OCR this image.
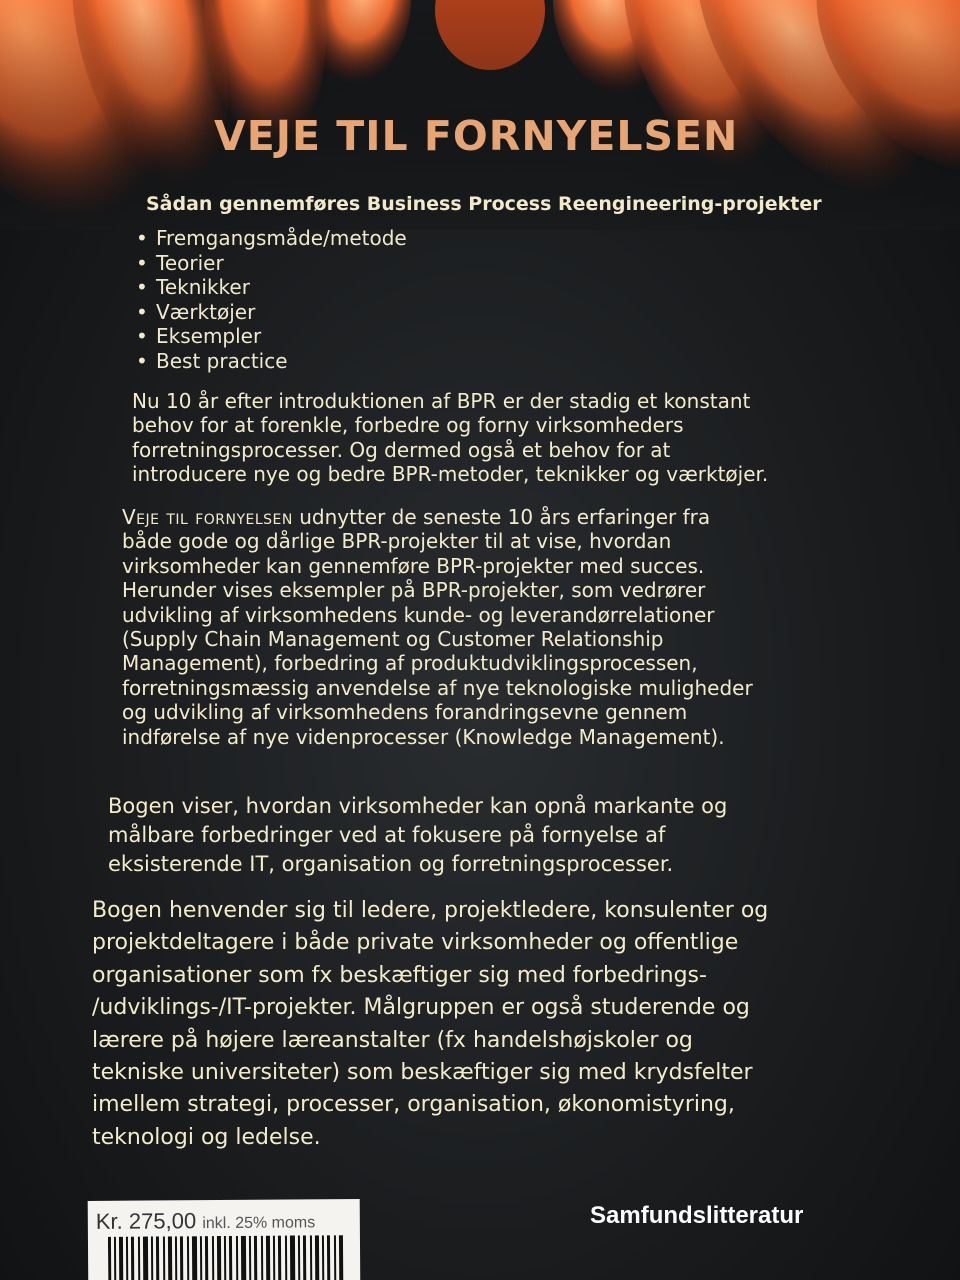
VEJE TIL FORNYELSEN

Sådan gennemføres Business Process Reengineering-projekter

• Fremgangsmåde/metode
• Teorier
• Teknikker
• Værktøjer
• Eksempler
• Best practice

Nu 10 år efter introduktionen af BPR er der stadig et konstant
behov for at forenkle, forbedre og forny virksomheders
forretningsprocesser. Og dermed også et behov for at
introducere nye og bedre BPR-metoder, teknikker og værktøjer.

Veje til fornyelsen udnytter de seneste 10 års erfaringer fra
både gode og dårlige BPR-projekter til at vise, hvordan
virksomheder kan gennemføre BPR-projekter med succes.
Herunder vises eksempler på BPR-projekter, som vedrører
udvikling af virksomhedens kunde- og leverandørrelationer
(Supply Chain Management og Customer Relationship
Management), forbedring af produktudviklingsprocessen,
forretningsmæssig anvendelse af nye teknologiske muligheder
og udvikling af virksomhedens forandringsevne gennem
indførelse af nye videnprocesser (Knowledge Management).

Bogen viser, hvordan virksomheder kan opnå markante og
målbare forbedringer ved at fokusere på fornyelse af
eksisterende IT, organisation og forretningsprocesser.

Bogen henvender sig til ledere, projektledere, konsulenter og
projektdeltagere i både private virksomheder og offentlige
organisationer som fx beskæftiger sig med forbedrings-
/udviklings-/IT-projekter. Målgruppen er også studerende og
lærere på højere læreanstalter (fx handelshøjskoler og
tekniske universiteter) som beskæftiger sig med krydsfelter
imellem strategi, processer, organisation, økonomistyring,
teknologi og ledelse.

Kr. 275,00 inkl. 25% moms	Samfundslitteratur
